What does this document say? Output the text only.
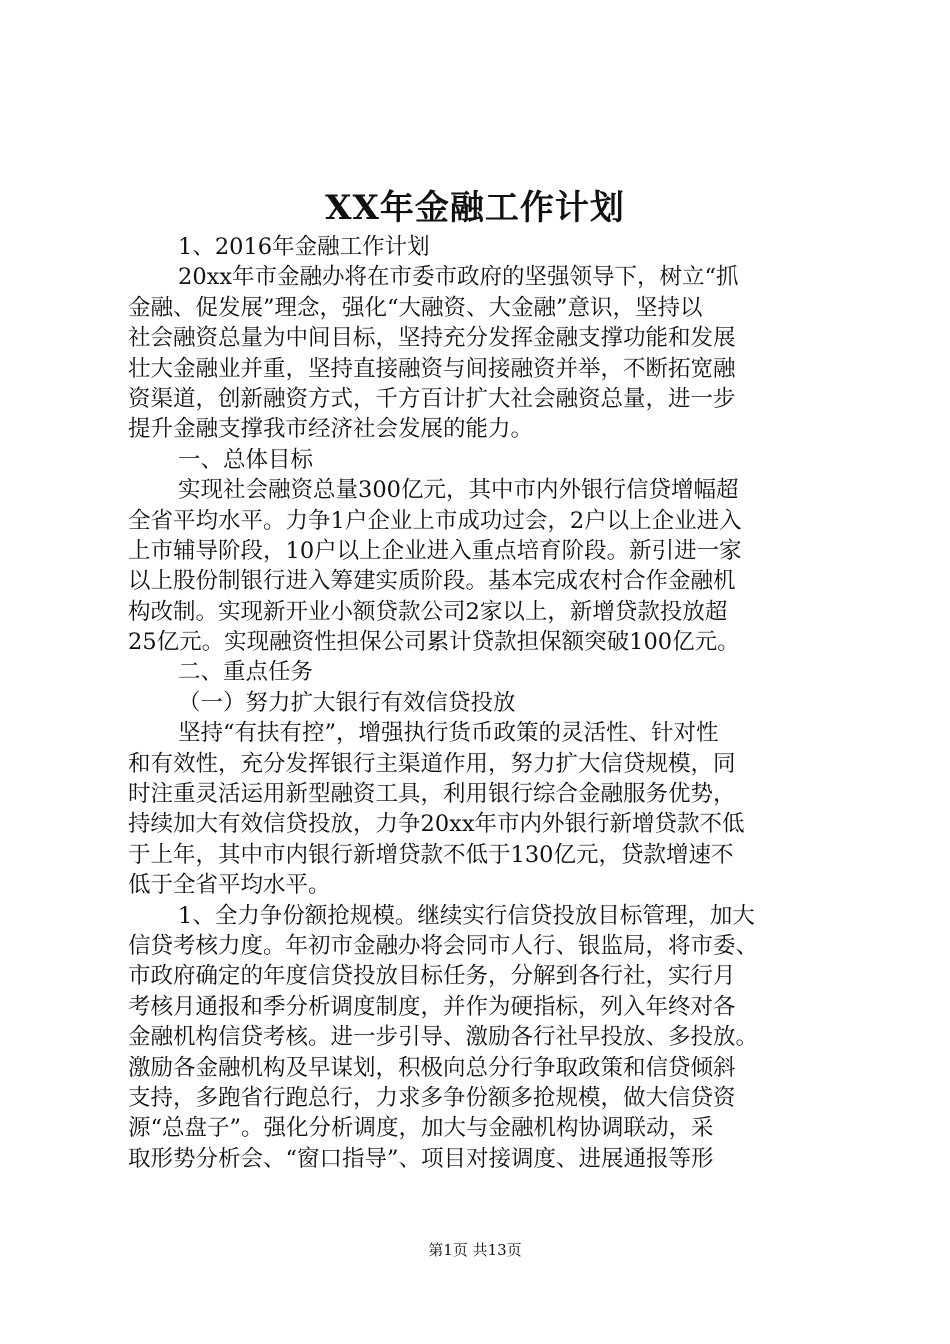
XX年金融工作计划
1、2016年金融工作计划
20xx年市金融办将在市委市政府的坚强领导下，树立“抓
金融、促发展”理念，强化“大融资、大金融”意识，坚持以
社会融资总量为中间目标，坚持充分发挥金融支撑功能和发展
壮大金融业并重，坚持直接融资与间接融资并举，不断拓宽融
资渠道，创新融资方式，千方百计扩大社会融资总量，进一步
提升金融支撑我市经济社会发展的能力。
一、总体目标
实现社会融资总量300亿元，其中市内外银行信贷增幅超
全省平均水平。力争1户企业上市成功过会，2户以上企业进入
上市辅导阶段，10户以上企业进入重点培育阶段。新引进一家
以上股份制银行进入筹建实质阶段。基本完成农村合作金融机
构改制。实现新开业小额贷款公司2家以上，新增贷款投放超
25亿元。实现融资性担保公司累计贷款担保额突破100亿元。
二、重点任务
（一）努力扩大银行有效信贷投放
坚持“有扶有控”，增强执行货币政策的灵活性、针对性
和有效性，充分发挥银行主渠道作用，努力扩大信贷规模，同
时注重灵活运用新型融资工具，利用银行综合金融服务优势，
持续加大有效信贷投放，力争20xx年市内外银行新增贷款不低
于上年，其中市内银行新增贷款不低于130亿元，贷款增速不
低于全省平均水平。
1、全力争份额抢规模。继续实行信贷投放目标管理，加大
信贷考核力度。年初市金融办将会同市人行、银监局，将市委、
市政府确定的年度信贷投放目标任务，分解到各行社，实行月
考核月通报和季分析调度制度，并作为硬指标，列入年终对各
金融机构信贷考核。进一步引导、激励各行社早投放、多投放。
激励各金融机构及早谋划，积极向总分行争取政策和信贷倾斜
支持，多跑省行跑总行，力求多争份额多抢规模，做大信贷资
源“总盘子”。强化分析调度，加大与金融机构协调联动，采
取形势分析会、“窗口指导”、项目对接调度、进展通报等形
第1页 共13页
